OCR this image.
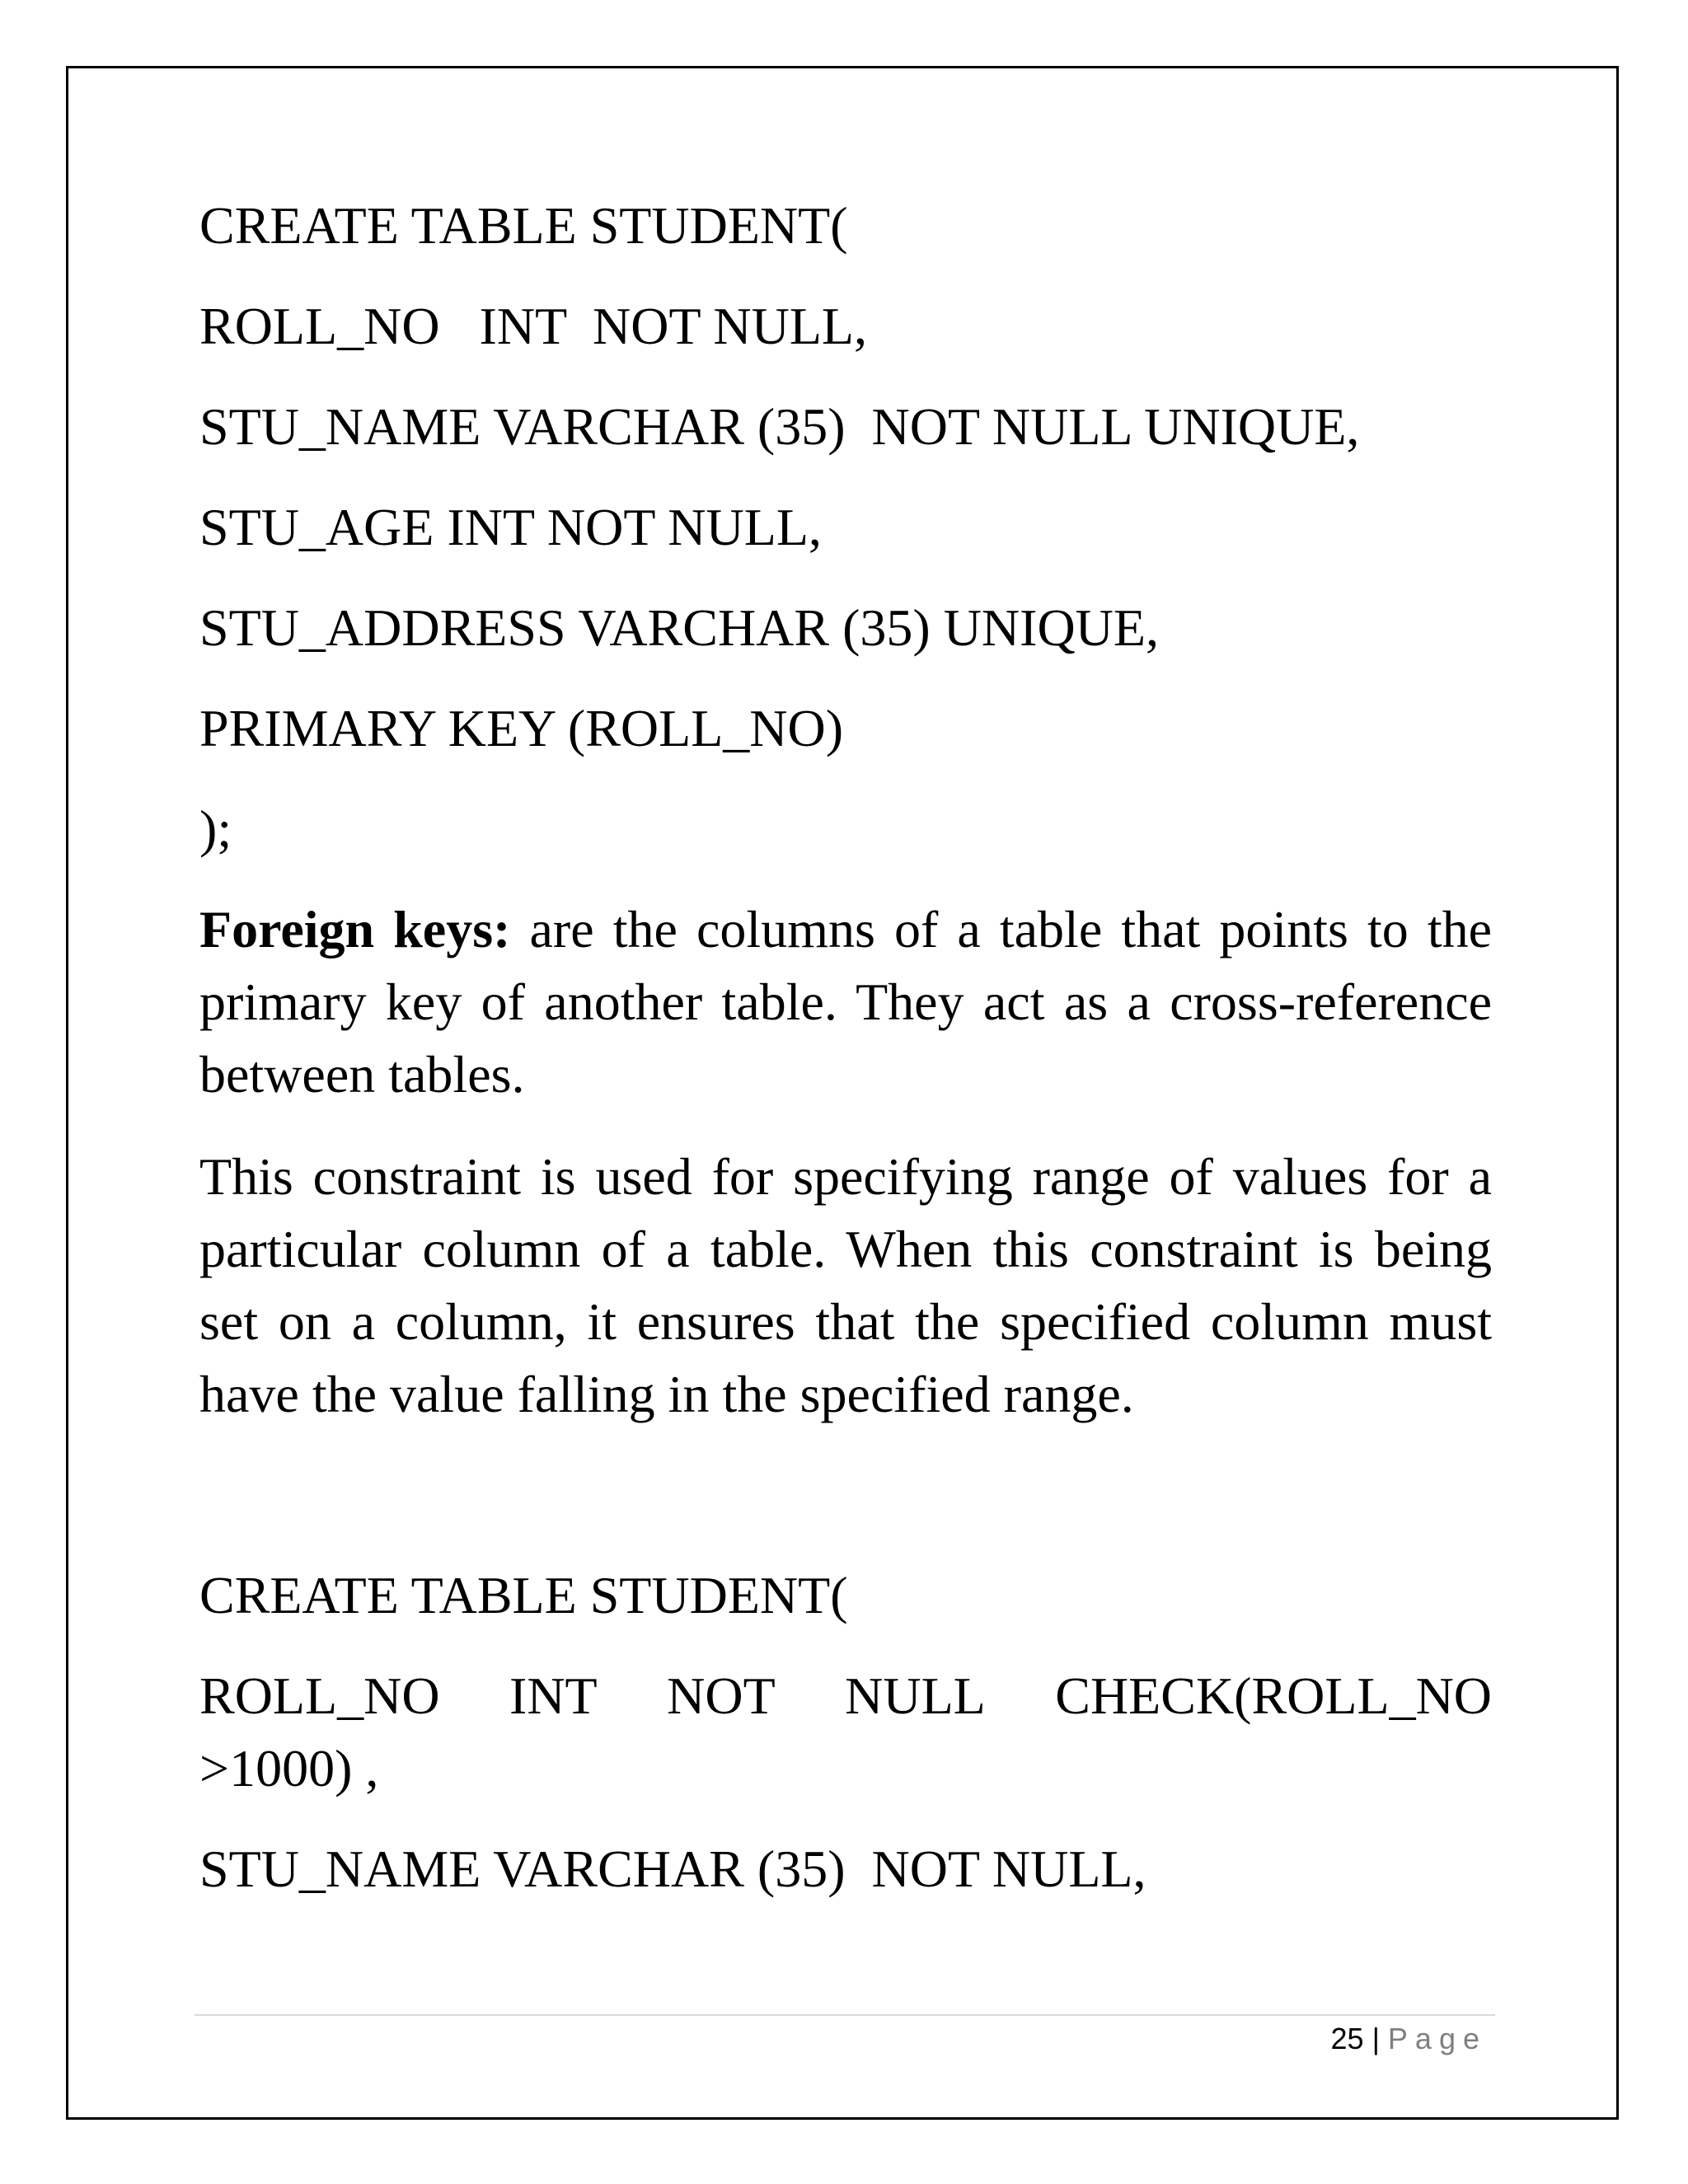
CREATE TABLE STUDENT(

ROLL_NO   INT  NOT NULL,

STU_NAME VARCHAR (35)  NOT NULL UNIQUE,

STU_AGE INT NOT NULL,

STU_ADDRESS VARCHAR (35) UNIQUE,

PRIMARY KEY (ROLL_NO)

);

Foreign keys: are the columns of a table that points to the primary key of another table. They act as a cross-reference between tables.

This constraint is used for specifying range of values for a particular column of a table. When this constraint is being set on a column, it ensures that the specified column must have the value falling in the specified range.

CREATE TABLE STUDENT(

ROLL_NO INT NOT NULL CHECK(ROLL_NO

>1000) ,

STU_NAME VARCHAR (35)  NOT NULL,

25 | Page
